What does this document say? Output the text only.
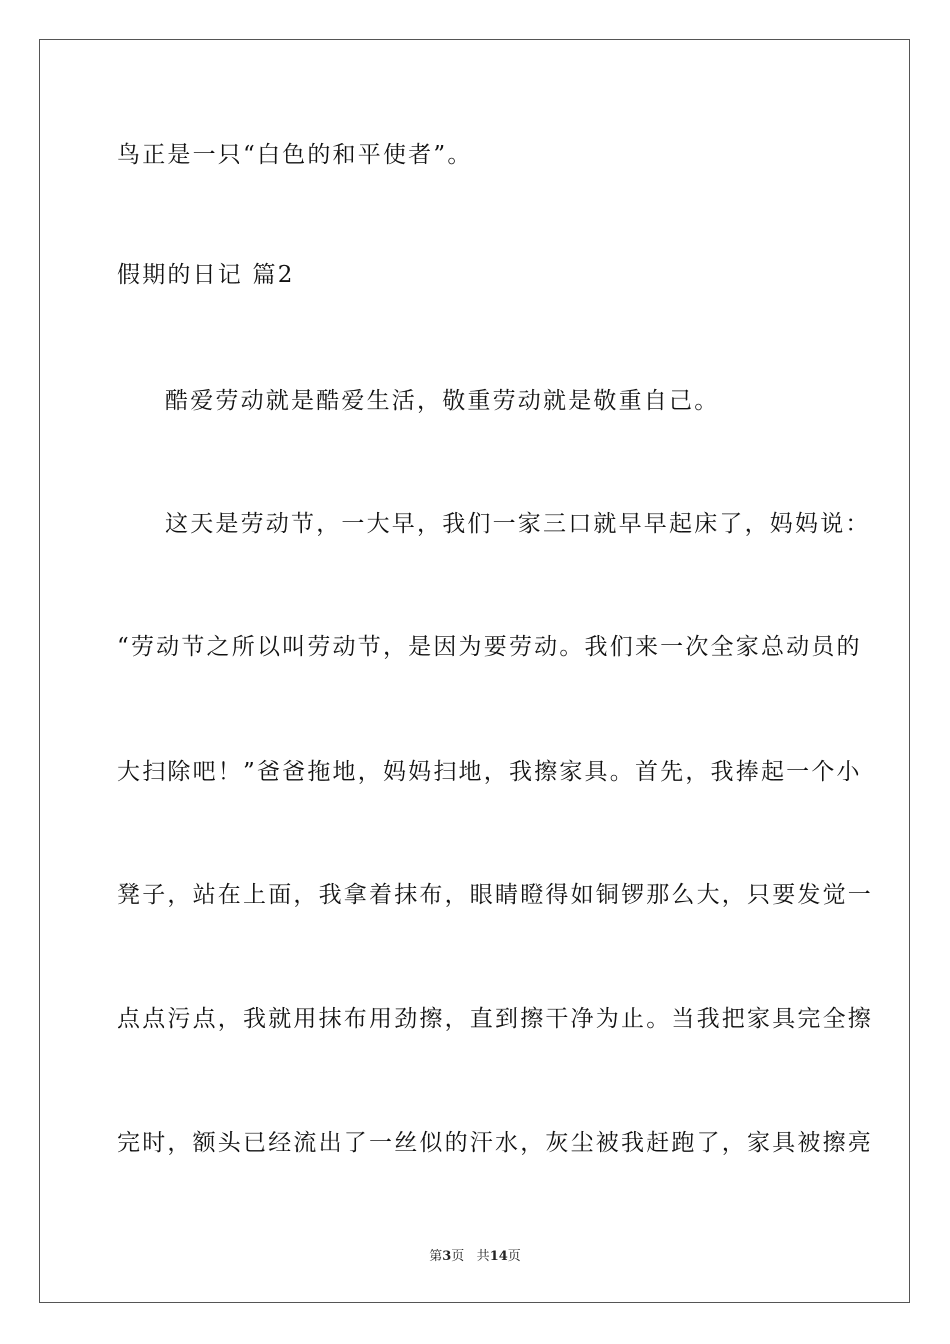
鸟正是一只“白色的和平使者”。
假期的日记 篇2
酷爱劳动就是酷爱生活，敬重劳动就是敬重自己。
这天是劳动节，一大早，我们一家三口就早早起床了，妈妈说：
“劳动节之所以叫劳动节，是因为要劳动。我们来一次全家总动员的
大扫除吧！”爸爸拖地，妈妈扫地，我擦家具。首先，我捧起一个小
凳子，站在上面，我拿着抹布，眼睛瞪得如铜锣那么大，只要发觉一
点点污点，我就用抹布用劲擦，直到擦干净为止。当我把家具完全擦
完时，额头已经流出了一丝似的汗水，灰尘被我赶跑了，家具被擦亮
第3页 共14页
